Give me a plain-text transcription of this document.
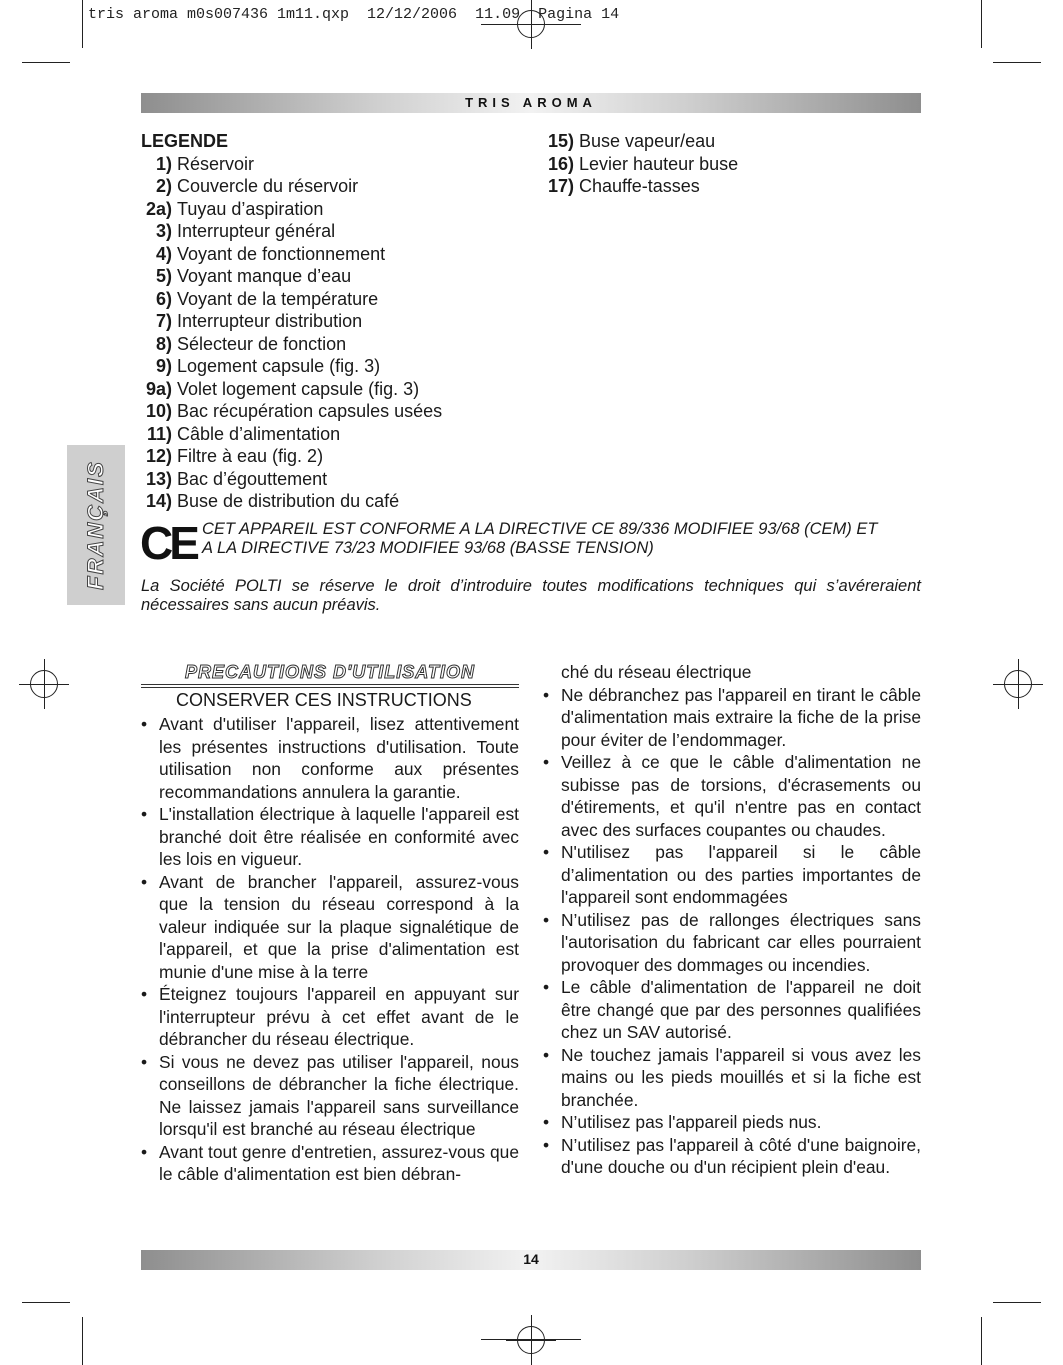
tris aroma m0s007436 1m11.qxp  12/12/2006  11.09  Pagina 14
TRIS AROMA
FRANÇAIS
LEGENDE
1) Réservoir
2) Couvercle du réservoir
2a) Tuyau d’aspiration
3) Interrupteur général
4) Voyant de fonctionnement
5) Voyant manque d’eau
6) Voyant de la température
7) Interrupteur distribution
8) Sélecteur de fonction
9) Logement capsule (fig. 3)
9a) Volet logement capsule (fig. 3)
10) Bac récupération capsules usées
11) Câble d’alimentation
12) Filtre à eau (fig. 2)
13) Bac d’égouttement
14) Buse de distribution du café
15) Buse vapeur/eau
16) Levier hauteur buse
17) Chauffe-tasses
CE CET APPAREIL EST CONFORME A LA DIRECTIVE CE 89/336 MODIFIEE 93/68 (CEM) ET
A LA DIRECTIVE 73/23 MODIFIEE 93/68 (BASSE TENSION)
La Société POLTI se réserve le droit d’introduire toutes modifications techniques qui s’avéreraient nécessaires sans aucun préavis.
PRECAUTIONS D'UTILISATION
CONSERVER CES INSTRUCTIONS
• Avant d'utiliser l'appareil, lisez attentivement les présentes instructions d'utilisation. Toute utilisation non conforme aux présentes recommandations annulera la garantie.
• L'installation électrique à laquelle l'appareil est branché doit être réalisée en conformité avec les lois en vigueur.
• Avant de brancher l'appareil, assurez-vous que la tension du réseau correspond à la valeur indiquée sur la plaque signalétique de l'appareil, et que la prise d'alimentation est munie d'une mise à la terre
• Éteignez toujours l'appareil en appuyant sur l'interrupteur prévu à cet effet avant de le débrancher du réseau électrique.
• Si vous ne devez pas utiliser l'appareil, nous conseillons de débrancher la fiche électrique. Ne laissez jamais l'appareil sans surveillance lorsqu'il est branché au réseau électrique
• Avant tout genre d'entretien, assurez-vous que le câble d'alimentation est bien débran-
ché du réseau électrique
• Ne débranchez pas l'appareil en tirant le câble d'alimentation mais extraire la fiche de la prise pour éviter de l’endommager.
• Veillez à ce que le câble d'alimentation ne subisse pas de torsions, d'écrasements ou d'étirements, et qu'il n'entre pas en contact avec des surfaces coupantes ou chaudes.
• N'utilisez pas l'appareil si le câble d’alimentation ou des parties importantes de l'appareil sont endommagées
• N’utilisez pas de rallonges électriques sans l'autorisation du fabricant car elles pourraient provoquer des dommages ou incendies.
• Le câble d'alimentation de l'appareil ne doit être changé que par des personnes qualifiées chez un SAV autorisé.
• Ne touchez jamais l'appareil si vous avez les mains ou les pieds mouillés et si la fiche est branchée.
• N’utilisez pas l'appareil pieds nus.
• N’utilisez pas l'appareil à côté d'une baignoire, d'une douche ou d'un récipient plein d'eau.
14
